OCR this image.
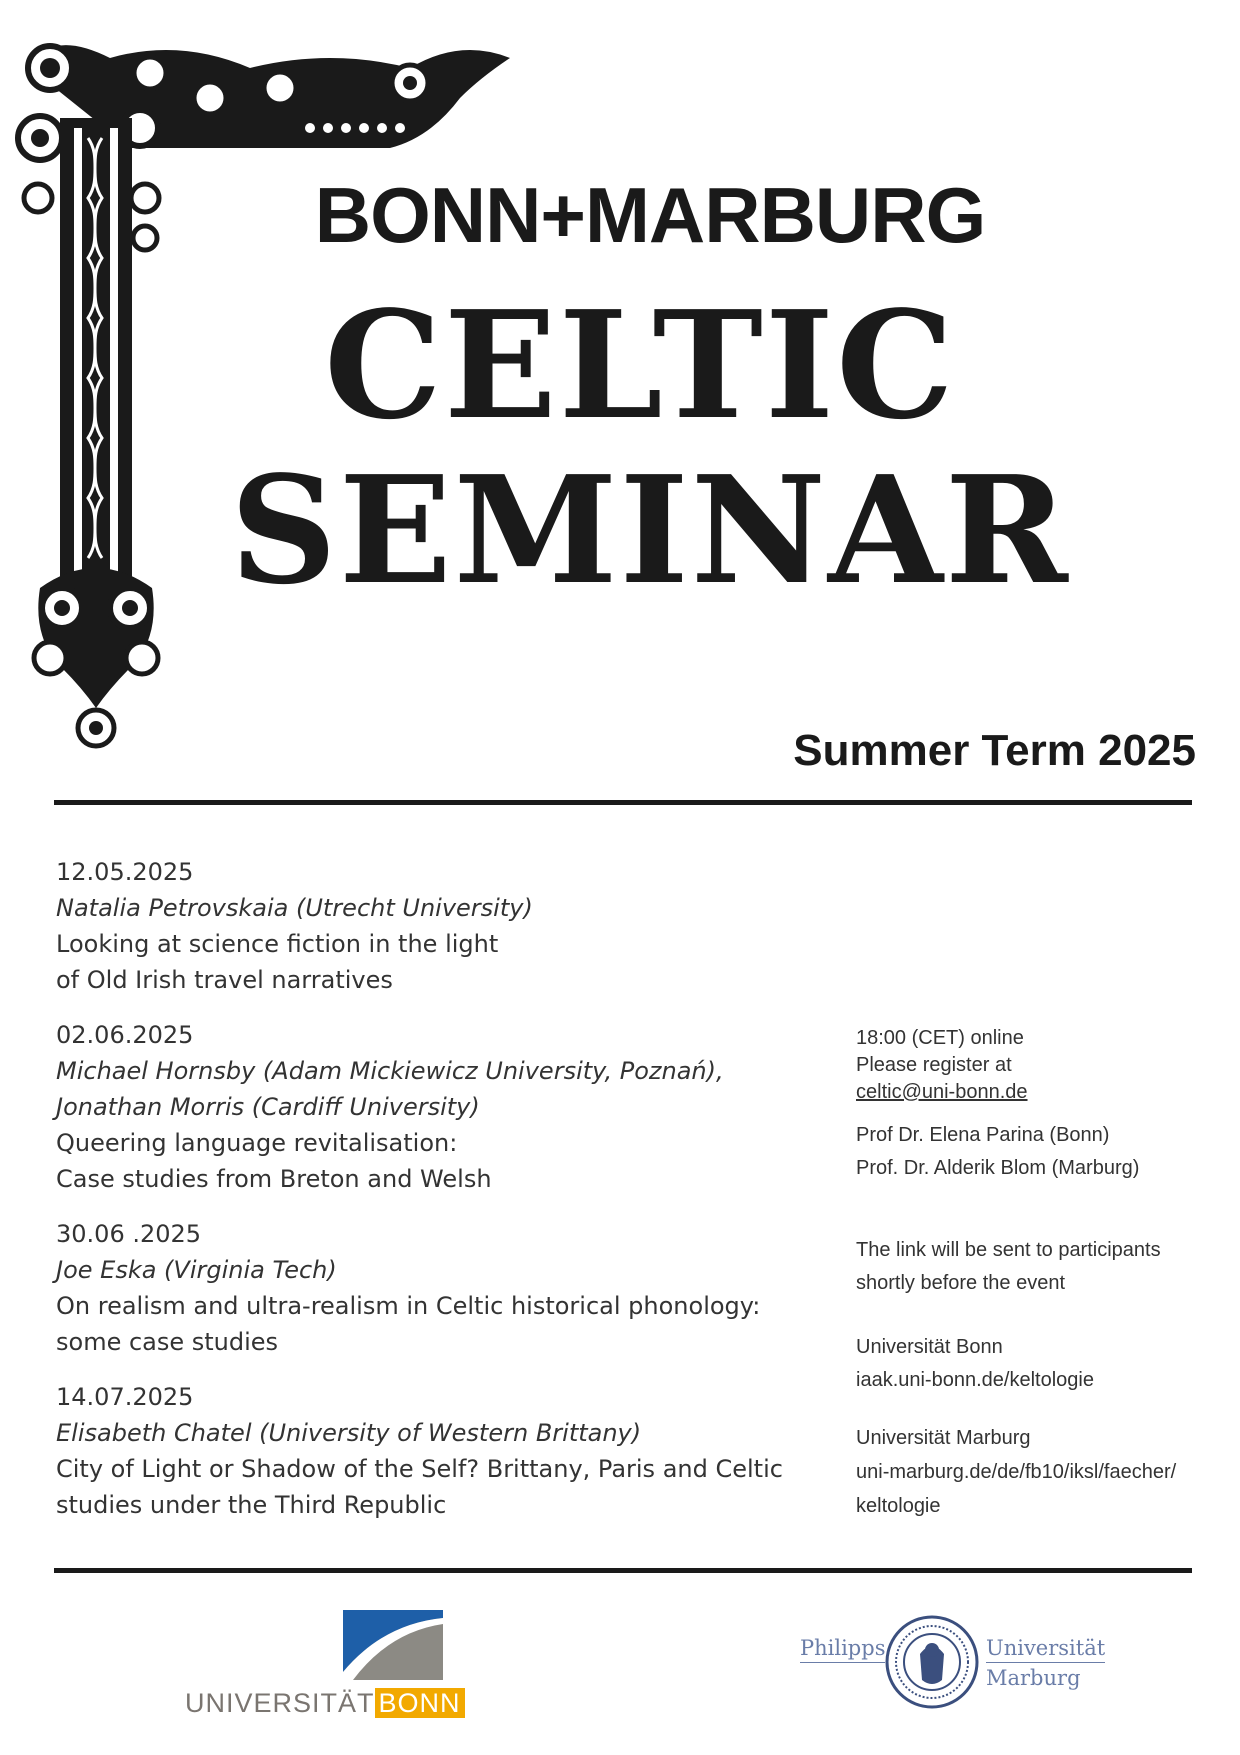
BONN+MARBURG
CELTIC
SEMINAR
Summer Term 2025
12.05.2025
Natalia Petrovskaia (Utrecht University)
Looking at science fiction in the light
of Old Irish travel narratives
02.06.2025
Michael Hornsby (Adam Mickiewicz University, Poznań),
Jonathan Morris (Cardiff University)
Queering language revitalisation:
Case studies from Breton and Welsh
30.06 .2025
Joe Eska (Virginia Tech)
On realism and ultra-realism in Celtic historical phonology:
some case studies
14.07.2025
Elisabeth Chatel (University of Western Brittany)
City of Light or Shadow of the Self? Brittany, Paris and Celtic
studies under the Third Republic
18:00 (CET) online
Please register at
celtic@uni-bonn.de
Prof Dr. Elena Parina (Bonn)
Prof. Dr. Alderik Blom (Marburg)
The link will be sent to participants
shortly before the event
Universität Bonn
iaak.uni-bonn.de/keltologie
Universität Marburg
uni-marburg.de/de/fb10/iksl/faecher/
keltologie
UNIVERSITÄT BONN
Philipps	Universität
Marburg
